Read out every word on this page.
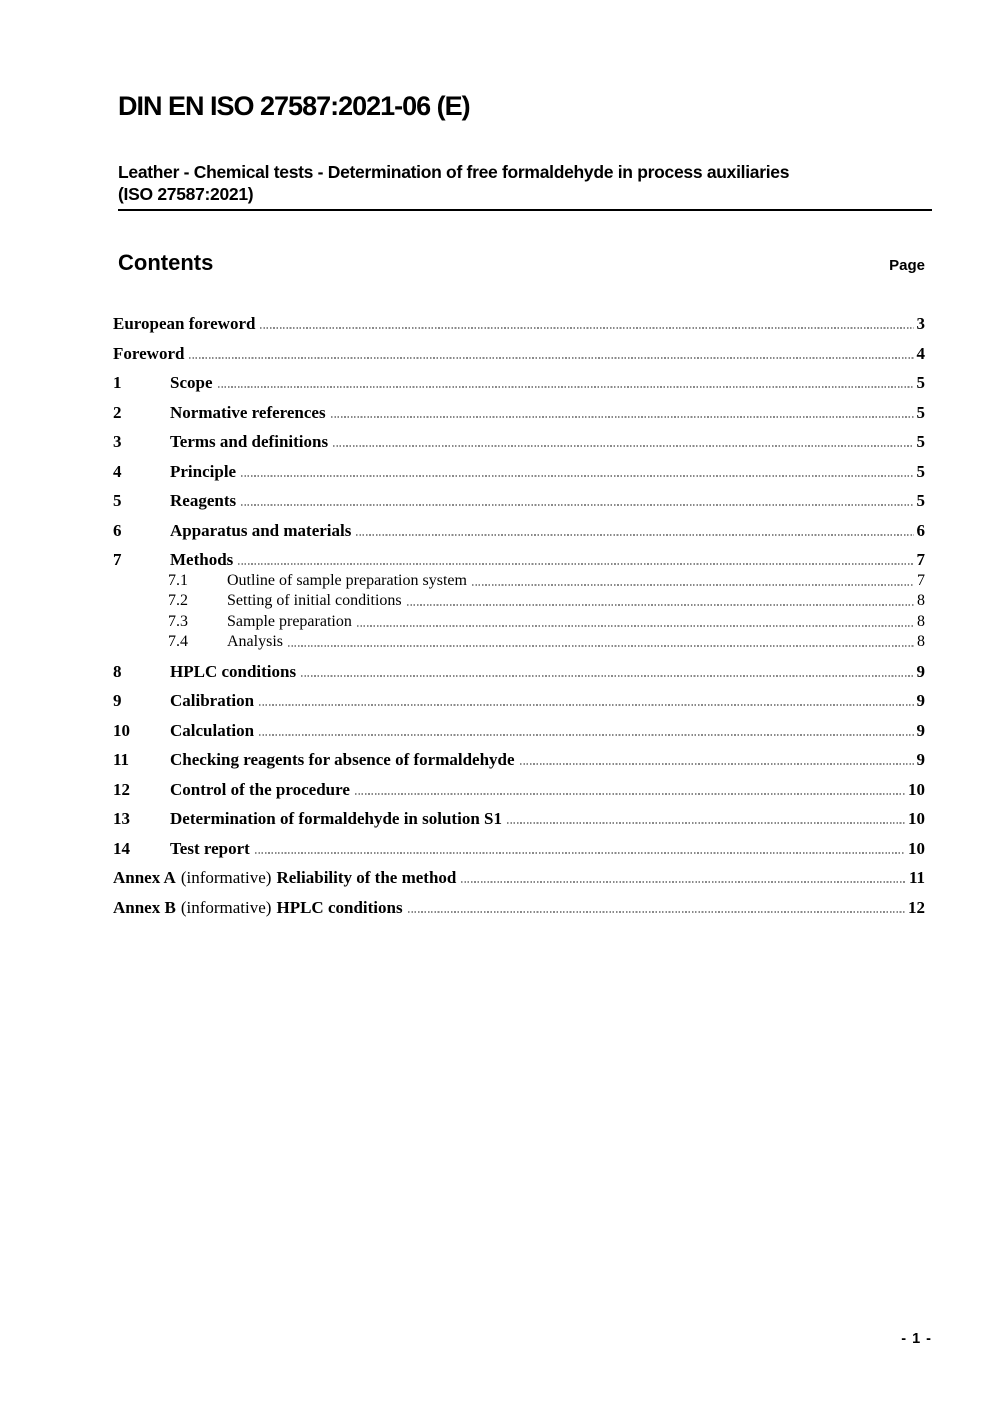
DIN EN ISO 27587:2021-06 (E)
Leather - Chemical tests - Determination of free formaldehyde in process auxiliaries
(ISO 27587:2021)
Contents	Page
European foreword	3
Foreword	4
1	Scope	5
2	Normative references	5
3	Terms and definitions	5
4	Principle	5
5	Reagents	5
6	Apparatus and materials	6
7	Methods	7
7.1	Outline of sample preparation system	7
7.2	Setting of initial conditions	8
7.3	Sample preparation	8
7.4	Analysis	8
8	HPLC conditions	9
9	Calibration	9
10	Calculation	9
11	Checking reagents for absence of formaldehyde	9
12	Control of the procedure	10
13	Determination of formaldehyde in solution S1	10
14	Test report	10
Annex A (informative) Reliability of the method	11
Annex B (informative) HPLC conditions	12
- 1 -
